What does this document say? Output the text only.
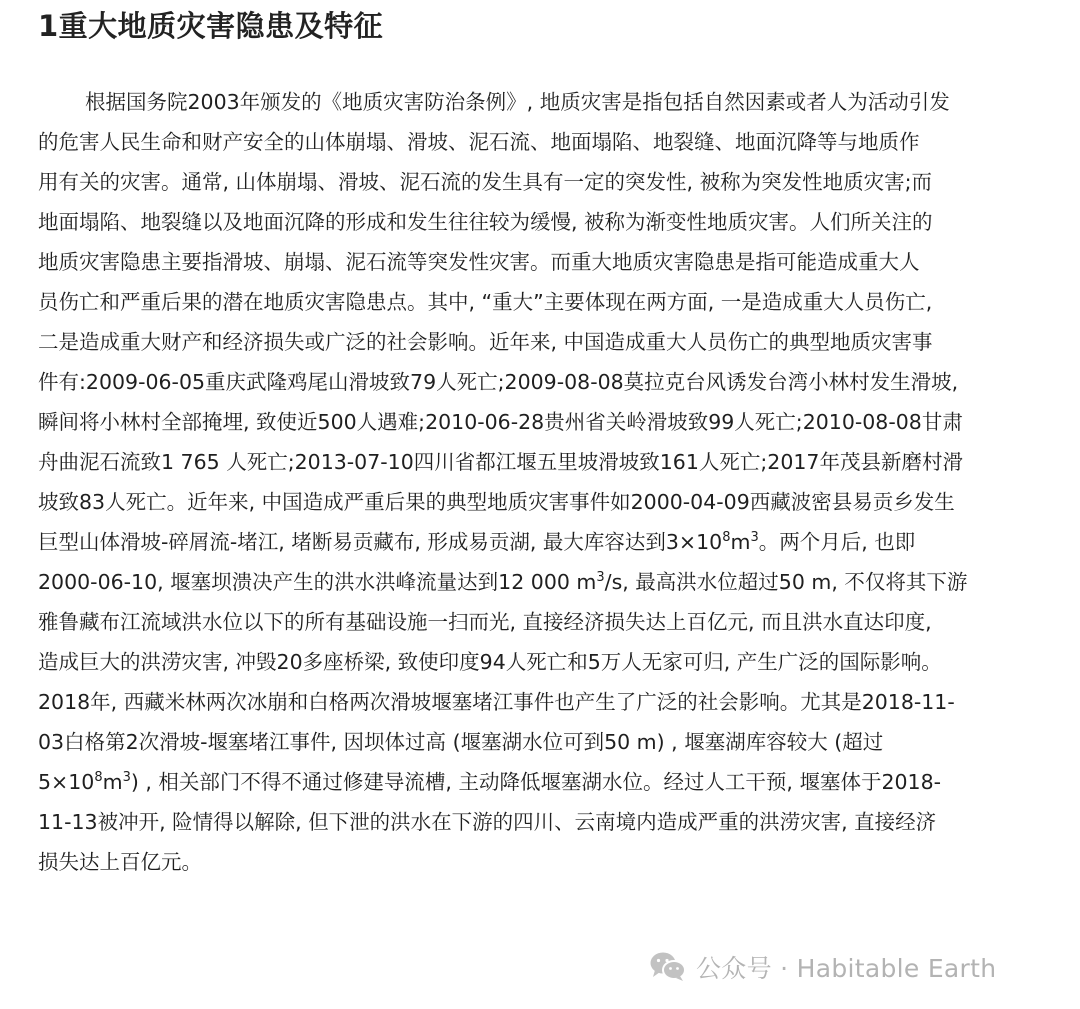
1重大地质灾害隐患及特征
根据国务院2003年颁发的《地质灾害防治条例》, 地质灾害是指包括自然因素或者人为活动引发
的危害人民生命和财产安全的山体崩塌、滑坡、泥石流、地面塌陷、地裂缝、地面沉降等与地质作
用有关的灾害。通常, 山体崩塌、滑坡、泥石流的发生具有一定的突发性, 被称为突发性地质灾害;而
地面塌陷、地裂缝以及地面沉降的形成和发生往往较为缓慢, 被称为渐变性地质灾害。人们所关注的
地质灾害隐患主要指滑坡、崩塌、泥石流等突发性灾害。而重大地质灾害隐患是指可能造成重大人
员伤亡和严重后果的潜在地质灾害隐患点。其中, “重大”主要体现在两方面, 一是造成重大人员伤亡,
二是造成重大财产和经济损失或广泛的社会影响。近年来, 中国造成重大人员伤亡的典型地质灾害事
件有:2009-06-05重庆武隆鸡尾山滑坡致79人死亡;2009-08-08莫拉克台风诱发台湾小林村发生滑坡,
瞬间将小林村全部掩埋, 致使近500人遇难;2010-06-28贵州省关岭滑坡致99人死亡;2010-08-08甘肃
舟曲泥石流致1 765 人死亡;2013-07-10四川省都江堰五里坡滑坡致161人死亡;2017年茂县新磨村滑
坡致83人死亡。近年来, 中国造成严重后果的典型地质灾害事件如2000-04-09西藏波密县易贡乡发生
巨型山体滑坡-碎屑流-堵江, 堵断易贡藏布, 形成易贡湖, 最大库容达到$3\times 10^8m^3$。两个月后, 也即
2000-06-10, 堰塞坝溃决产生的洪水洪峰流量达到12 000 $m^3/s$, 最高洪水位超过50 m, 不仅将其下游
雅鲁藏布江流域洪水位以下的所有基础设施一扫而光, 直接经济损失达上百亿元, 而且洪水直达印度,
造成巨大的洪涝灾害, 冲毁20多座桥梁, 致使印度94人死亡和5万人无家可归, 产生广泛的国际影响。
2018年, 西藏米林两次冰崩和白格两次滑坡堰塞堵江事件也产生了广泛的社会影响。尤其是2018-11-
03白格第2次滑坡-堰塞堵江事件, 因坝体过高 (堰塞湖水位可到50 m) , 堰塞湖库容较大 (超过
$5\times 10^8m^3$) , 相关部门不得不通过修建导流槽, 主动降低堰塞湖水位。经过人工干预, 堰塞体于2018-
11-13被冲开, 险情得以解除, 但下泄的洪水在下游的四川、云南境内造成严重的洪涝灾害, 直接经济
损失达上百亿元。
公众号 · Habitable Earth
